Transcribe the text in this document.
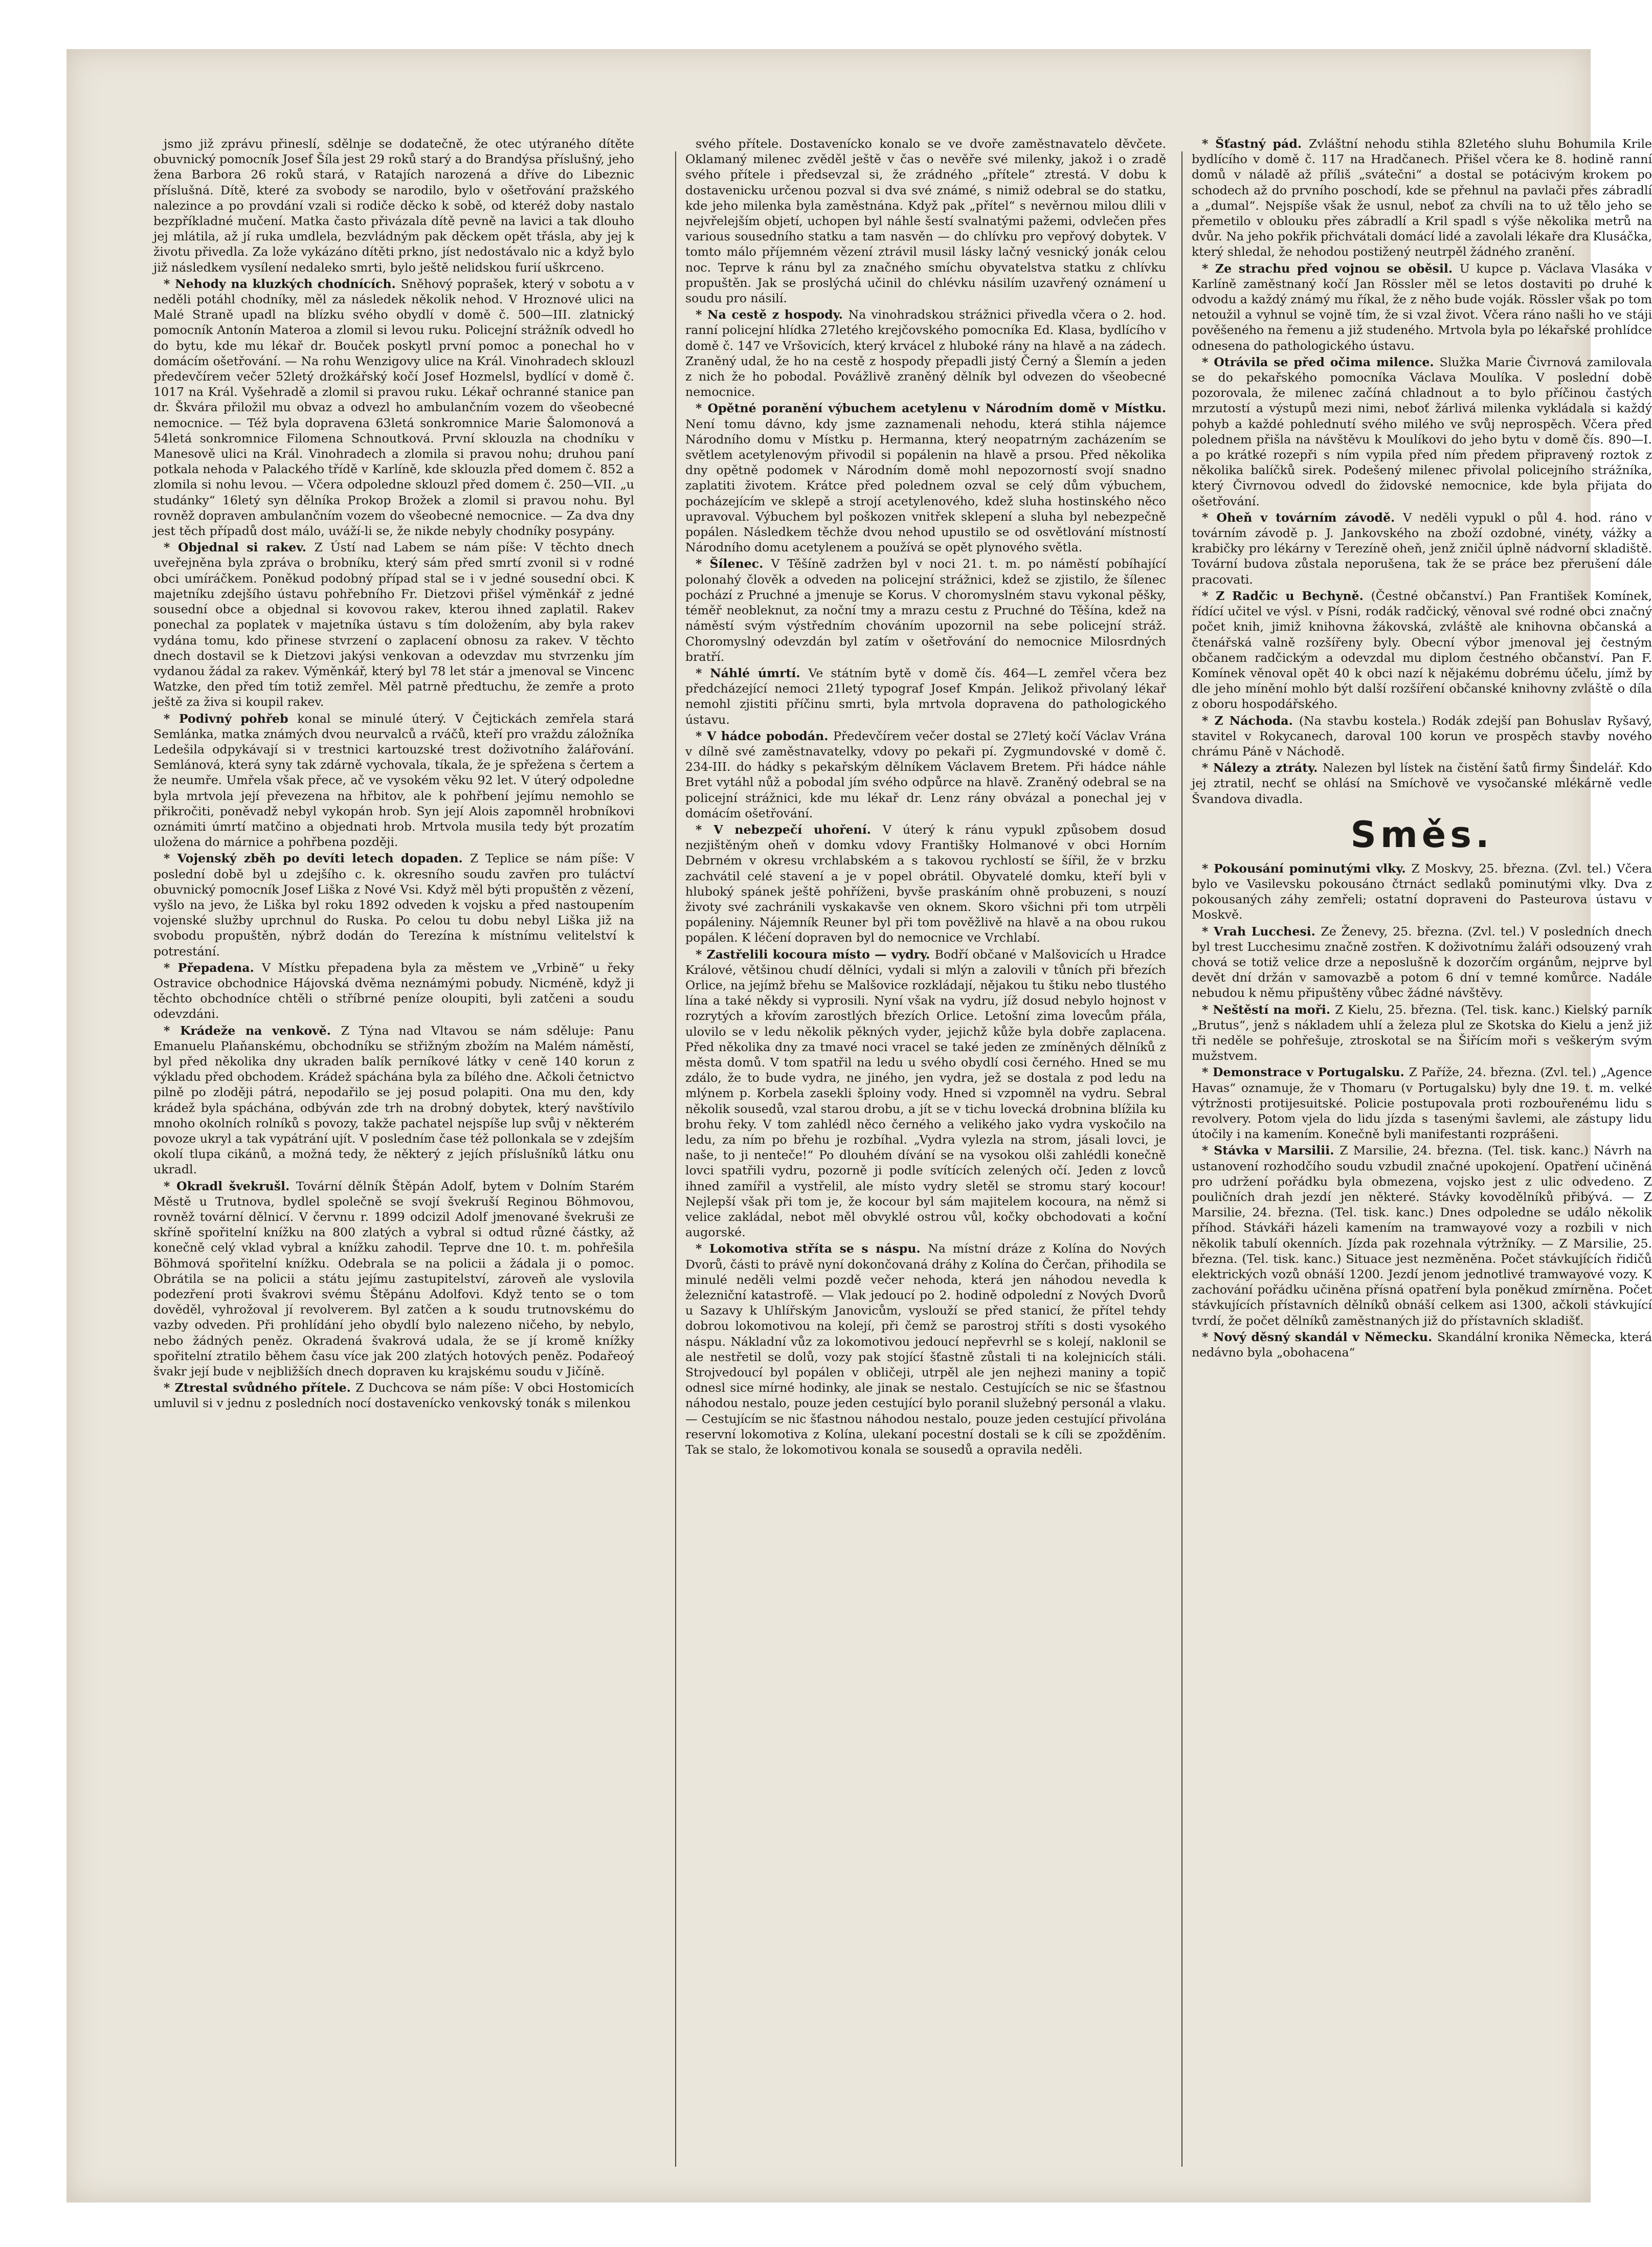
jsmo již zprávu přineslí, sdělnje se dodatečně, že otec utýraného dítěte obuvnický pomocník Josef Šíla jest 29 roků starý a do Brandýsa příslušný, jeho žena Barbora 26 roků stará, v Ratajích narozená a dříve do Libeznic příslušná. Dítě, které za svobody se narodilo, bylo v ošetřování pražského nalezince a po provdání vzali si rodiče děcko k sobě, od kteréž doby nastalo bezpříkladné mučení. Matka často přivázala dítě pevně na lavici a tak dlouho jej mlátila, až jí ruka umdlela, bezvládným pak děckem opět třásla, aby jej k životu přivedla. Za lože vykázáno dítěti prkno, jíst nedostávalo nic a když bylo již následkem vysílení nedaleko smrti, bylo ještě nelidskou furií uškrceno.

* Nehody na kluzkých chodnících. Sněhový poprašek, který v sobotu a v neděli potáhl chodníky, měl za následek několik nehod. V Hroznové ulici na Malé Straně upadl na blízku svého obydlí v domě č. 500—III. zlatnický pomocník Antonín Materoa a zlomil si levou ruku. Policejní strážník odvedl ho do bytu, kde mu lékař dr. Bouček poskytl první pomoc a ponechal ho v domácím ošetřování. — Na rohu Wenzigovy ulice na Král. Vinohradech sklouzl předevčírem večer 52letý drožkářský kočí Josef Hozmelsl, bydlící v domě č. 1017 na Král. Vyšehradě a zlomil si pravou ruku. Lékař ochranné stanice pan dr. Škvára přiložil mu obvaz a odvezl ho ambulančním vozem do všeobecné nemocnice. — Též byla dopravena 63letá sonkromnice Marie Šalomonová a 54letá sonkromnice Filomena Schnoutková. První sklouzla na chodníku v Manesově ulici na Král. Vinohradech a zlomila si pravou nohu; druhou paní potkala nehoda v Palackého třídě v Karlíně, kde sklouzla před domem č. 852 a zlomila si nohu levou. — Včera odpoledne sklouzl před domem č. 250—VII. „u studánky“ 16letý syn dělníka Prokop Brožek a zlomil si pravou nohu. Byl rovněž dopraven ambulančním vozem do všeobecné nemocnice. — Za dva dny jest těch případů dost málo, uváží-li se, že nikde nebyly chodníky posypány.

* Objednal si rakev. Z Ústí nad Labem se nám píše: V těchto dnech uveřejněna byla zpráva o brobníku, který sám před smrtí zvonil si v rodné obci umíráčkem. Poněkud podobný případ stal se i v jedné sousední obci. K majetníku zdejšího ústavu pohřebního Fr. Dietzovi přišel výměnkář z jedné sousední obce a objednal si kovovou rakev, kterou ihned zaplatil. Rakev ponechal za poplatek v majetníka ústavu s tím doložením, aby byla rakev vydána tomu, kdo přinese stvrzení o zaplacení obnosu za rakev. V těchto dnech dostavil se k Dietzovi jakýsi venkovan a odevzdav mu stvrzenku jím vydanou žádal za rakev. Výměnkář, který byl 78 let stár a jmenoval se Vincenc Watzke, den před tím totiž zemřel. Měl patrně předtuchu, že zemře a proto ještě za živa si koupil rakev.

* Podivný pohřeb konal se minulé úterý. V Čejtickách zemřela stará Semlánka, matka známých dvou neurvalců a rváčů, kteří pro vraždu záložníka Ledešila odpykávají si v trestnici kartouzské trest doživotního žalářování. Semlánová, která syny tak zdárně vychovala, tíkala, že je spřežena s čertem a že neumře. Umřela však přece, ač ve vysokém věku 92 let. V úterý odpoledne byla mrtvola její převezena na hřbitov, ale k pohřbení jejímu nemohlo se přikročiti, poněvadž nebyl vykopán hrob. Syn její Alois zapomněl hrobníkovi oznámiti úmrtí matčino a objednati hrob. Mrtvola musila tedy být prozatím uložena do márnice a pohřbena později.

* Vojenský zběh po devíti letech dopaden. Z Teplice se nám píše: V poslední době byl u zdejšího c. k. okresního soudu zavřen pro tuláctví obuvnický pomocník Josef Liška z Nové Vsi. Když měl býti propuštěn z vězení, vyšlo na jevo, že Liška byl roku 1892 odveden k vojsku a před nastoupením vojenské služby uprchnul do Ruska. Po celou tu dobu nebyl Liška již na svobodu propuštěn, nýbrž dodán do Terezína k místnímu velitelství k potrestání.

* Přepadena. V Místku přepadena byla za městem ve „Vrbině“ u řeky Ostravice obchodnice Hájovská dvěma neznámými pobudy. Nicméně, když ji těchto obchodníce chtěli o stříbrné peníze oloupiti, byli zatčeni a soudu odevzdáni.

* Krádeže na venkově. Z Týna nad Vltavou se nám sděluje: Panu Emanuelu Plaňanskému, obchodníku se střižným zbožím na Malém náměstí, byl před několika dny ukraden balík perníkové látky v ceně 140 korun z výkladu před obchodem. Krádež spáchána byla za bílého dne. Ačkoli četnictvo pilně po zloději pátrá, nepodařilo se jej posud polapiti. Ona mu den, kdy krádež byla spáchána, odbýván zde trh na drobný dobytek, který navštívilo mnoho okolních rolníků s povozy, takže pachatel nejspíše lup svůj v některém povoze ukryl a tak vypátrání ujít. V posledním čase též pollonkala se v zdejším okolí tlupa cikánů, a možná tedy, že některý z jejích příslušníků látku onu ukradl.

* Okradl švekrušl. Tovární dělník Štěpán Adolf, bytem v Dolním Starém Městě u Trutnova, bydlel společně se svojí švekruší Reginou Böhmovou, rovněž tovární dělnicí. V červnu r. 1899 odcizil Adolf jmenované švekruši ze skříně spořitelní knížku na 800 zlatých a vybral si odtud různé částky, až konečně celý vklad vybral a knížku zahodil. Teprve dne 10. t. m. pohřešila Böhmová spořitelní knížku. Odebrala se na policii a žádala ji o pomoc. Obrátila se na policii a státu jejímu zastupitelství, zároveň ale vyslovila podezření proti švakrovi svému Štěpánu Adolfovi. Když tento se o tom dověděl, vyhrožoval jí revolverem. Byl zatčen a k soudu trutnovskému do vazby odveden. Při prohlídání jeho obydlí bylo nalezeno ničeho, by nebylo, nebo žádných peněz. Okradená švakrová udala, že se jí kromě knížky spořitelní ztratilo během času více jak 200 zlatých hotových peněz. Podařeoý švakr její bude v nejbližších dnech dopraven ku krajskému soudu v Jičíně.

* Ztrestal svůdného přítele. Z Duchcova se nám píše: V obci Hostomicích umluvil si v jednu z posledních nocí dostavenícko venkovský tonák s milenkou

svého přítele. Dostavenícko konalo se ve dvoře zaměstnavatelo děvčete. Oklamaný milenec zvěděl ještě v čas o nevěře své milenky, jakož i o zradě svého přítele i předsevzal si, že zrádného „přítele“ ztrestá. V dobu k dostavenicku určenou pozval si dva své známé, s nimiž odebral se do statku, kde jeho milenka byla zaměstnána. Když pak „přítel“ s nevěrnou milou dlili v nejvřelejším objetí, uchopen byl náhle šestí svalnatými pažemi, odvlečen přes various sousedního statku a tam nasvěn — do chlívku pro vepřový dobytek. V tomto málo příjemném vězení ztrávil musil lásky lačný vesnický jonák celou noc. Teprve k ránu byl za značného smíchu obyvatelstva statku z chlívku propuštěn. Jak se proslýchá učinil do chlévku násilím uzavřený oznámení u soudu pro násilí.

* Na cestě z hospody. Na vinohradskou strážnici přivedla včera o 2. hod. ranní policejní hlídka 27letého krejčovského pomocníka Ed. Klasa, bydlícího v domě č. 147 ve Vršovicích, který krvácel z hluboké rány na hlavě a na zádech. Zraněný udal, že ho na cestě z hospody přepadli jistý Černý a Šlemín a jeden z nich že ho pobodal. Povážlivě zraněný dělník byl odvezen do všeobecné nemocnice.

* Opětné poranění výbuchem acetylenu v Národním domě v Místku. Není tomu dávno, kdy jsme zaznamenali nehodu, která stihla nájemce Národního domu v Místku p. Hermanna, který neopatrným zacházením se světlem acetylenovým přivodil si popálenin na hlavě a prsou. Před několika dny opětně podomek v Národním domě mohl nepozorností svojí snadno zaplatiti životem. Krátce před polednem ozval se celý dům výbuchem, pocházejícím ve sklepě a strojí acetylenového, kdež sluha hostinského něco upravoval. Výbuchem byl poškozen vnitřek sklepení a sluha byl nebezpečně popálen. Následkem těchže dvou nehod upustilo se od osvětlování místností Národního domu acetylenem a používá se opět plynového světla.

* Šílenec. V Těšíně zadržen byl v noci 21. t. m. po náměstí pobíhající polonahý člověk a odveden na policejní strážnici, kdež se zjistilo, že šílenec pochází z Pruchné a jmenuje se Korus. V choromyslném stavu vykonal pěšky, téměř neobleknut, za noční tmy a mrazu cestu z Pruchné do Těšína, kdež na náměstí svým výstředním chováním upozornil na sebe policejní stráž. Choromyslný odevzdán byl zatím v ošetřování do nemocnice Milosrdných bratří.

* Náhlé úmrtí. Ve státním bytě v domě čís. 464—L zemřel včera bez předcházející nemoci 21letý typograf Josef Kmpán. Jelikož přivolaný lékař nemohl zjistiti příčinu smrti, byla mrtvola dopravena do pathologického ústavu.

* V hádce pobodán. Předevčírem večer dostal se 27letý kočí Václav Vrána v dílně své zaměstnavatelky, vdovy po pekaři pí. Zygmundovské v domě č. 234-III. do hádky s pekařským dělníkem Václavem Bretem. Při hádce náhle Bret vytáhl nůž a pobodal jím svého odpůrce na hlavě. Zraněný odebral se na policejní strážnici, kde mu lékař dr. Lenz rány obvázal a ponechal jej v domácím ošetřování.

* V nebezpečí uhoření. V úterý k ránu vypukl způsobem dosud nezjištěným oheň v domku vdovy Františky Holmanové v obci Horním Debrném v okresu vrchlabském a s takovou rychlostí se šířil, že v brzku zachvátil celé stavení a je v popel obrátil. Obyvatelé domku, kteří byli v hluboký spánek ještě pohříženi, byvše praskáním ohně probuzeni, s nouzí životy své zachránili vyskakavše ven oknem. Skoro všichni při tom utrpěli popáleniny. Nájemník Reuner byl při tom pověžlivě na hlavě a na obou rukou popálen. K léčení dopraven byl do nemocnice ve Vrchlabí.

* Zastřelili kocoura místo — vydry. Bodří občané v Malšovicích u Hradce Králové, většinou chudí dělníci, vydali si mlýn a zalovili v tůních při březích Orlice, na jejímž břehu se Malšovice rozkládají, nějakou tu štiku nebo tlustého lína a také někdy si vyprosili. Nyní však na vydru, jíž dosud nebylo hojnost v rozrytých a křovím zarostlých březích Orlice. Letošní zima lovecům přála, ulovilo se v ledu několik pěkných vyder, jejichž kůže byla dobře zaplacena. Před několika dny za tmavé noci vracel se také jeden ze zmíněných dělníků z města domů. V tom spatřil na ledu u svého obydlí cosi černého. Hned se mu zdálo, že to bude vydra, ne jiného, jen vydra, jež se dostala z pod ledu na mlýnem p. Korbela zasekli šploiny vody. Hned si vzpomněl na vydru. Sebral několik sousedů, vzal starou drobu, a jít se v tichu lovecká drobnina blížila ku brohu řeky. V tom zahlédl něco černého a velikého jako vydra vyskočilo na ledu, za ním po břehu je rozbíhal. „Vydra vylezla na strom, jásali lovci, je naše, to ji nenteče!“ Po dlouhém dívání se na vysokou olši zahlédli konečně lovci spatřili vydru, pozorně ji podle svítících zelených očí. Jeden z lovců ihned zamířil a vystřelil, ale místo vydry sletěl se stromu starý kocour! Nejlepší však při tom je, že kocour byl sám majitelem kocoura, na němž si velice zakládal, nebot měl obvyklé ostrou vůl, kočky obchodovati a koční augorské.

* Lokomotiva stříta se s náspu. Na místní dráze z Kolína do Nových Dvorů, části to právě nyní dokončovaná dráhy z Kolína do Čerčan, přihodila se minulé neděli velmi pozdě večer nehoda, která jen náhodou nevedla k železniční katastrofě. — Vlak jedoucí po 2. hodině odpolední z Nových Dvorů u Sazavy k Uhlířským Janovicům, vyslouží se před stanicí, že přítel tehdy dobrou lokomotivou na kolejí, při čemž se parostroj stříti s dosti vysokého náspu. Nákladní vůz za lokomotivou jedoucí nepřevrhl se s kolejí, naklonil se ale nestřetil se dolů, vozy pak stojící šťastně zůstali ti na kolejnicích stáli. Strojvedoucí byl popálen v obličeji, utrpěl ale jen nejhezi maniny a topič odnesl sice mírné hodinky, ale jinak se nestalo. Cestujících se nic se šťastnou náhodou nestalo, pouze jeden cestující bylo poranil služebný personál a vlaku. — Cestujícím se nic šťastnou náhodou nestalo, pouze jeden cestující přivolána reservní lokomotiva z Kolína, ulekaní pocestní dostali se k cíli se zpožděním. Tak se stalo, že lokomotivou konala se sousedů a opravila neděli.

* Šťastný pád. Zvláštní nehodu stihla 82letého sluhu Bohumila Krile bydlícího v domě č. 117 na Hradčanech. Přišel včera ke 8. hodině ranní domů v náladě až příliš „svátečni“ a dostal se potácivým krokem po schodech až do prvního poschodí, kde se přehnul na pavlači přes zábradlí a „dumal“. Nejspíše však že usnul, neboť za chvíli na to už tělo jeho se přemetilo v oblouku přes zábradlí a Kril spadl s výše několika metrů na dvůr. Na jeho pokřik přichvátali domácí lidé a zavolali lékaře dra Klusáčka, který shledal, že nehodou postižený neutrpěl žádného zranění.

* Ze strachu před vojnou se oběsil. U kupce p. Václava Vlasáka v Karlíně zaměstnaný kočí Jan Rössler měl se letos dostaviti po druhé k odvodu a každý známý mu říkal, že z něho bude voják. Rössler však po tom netoužil a vyhnul se vojně tím, že si vzal život. Včera ráno našli ho ve stáji pověšeného na řemenu a již studeného. Mrtvola byla po lékařské prohlídce odnesena do pathologického ústavu.

* Otrávila se před očima milence. Služka Marie Čivrnová zamilovala se do pekařského pomocníka Václava Moulíka. V poslední době pozorovala, že milenec začíná chladnout a to bylo příčinou častých mrzutostí a výstupů mezi nimi, neboť žárlivá milenka vykládala si každý pohyb a každé pohlednutí svého milého ve svůj neprospěch. Včera před polednem přišla na návštěvu k Moulíkovi do jeho bytu v domě čís. 890—I. a po krátké rozepři s ním vypila před ním předem připravený roztok z několika balíčků sirek. Podešený milenec přivolal policejního strážníka, který Čivrnovou odvedl do židovské nemocnice, kde byla přijata do ošetřování.

* Oheň v továrním závodě. V neděli vypukl o půl 4. hod. ráno v továrním závodě p. J. Jankovského na zboží ozdobné, vinéty, vážky a krabičky pro lékárny v Terezíně oheň, jenž zničil úplně nádvorní skladiště. Tovární budova zůstala neporušena, tak že se práce bez přerušení dále pracovati.

* Z Radčic u Bechyně. (Čestné občanství.) Pan František Komínek, řídící učitel ve výsl. v Písni, rodák radčický, věnoval své rodné obci značný počet knih, jimiž knihovna žákovská, zvláště ale knihovna občanská a čtenářská valně rozšířeny byly. Obecní výbor jmenoval jej čestným občanem radčickým a odevzdal mu diplom čestného občanství. Pan F. Komínek věnoval opět 40 k obci nazí k nějakému dobrému účelu, jímž by dle jeho mínění mohlo být další rozšíření občanské knihovny zvláště o díla z oboru hospodářského.

* Z Náchoda. (Na stavbu kostela.) Rodák zdejší pan Bohuslav Ryšavý, stavitel v Rokycanech, daroval 100 korun ve prospěch stavby nového chrámu Páně v Náchodě.

* Nálezy a ztráty. Nalezen byl lístek na čistění šatů firmy Šindelář. Kdo jej ztratil, nechť se ohlásí na Smíchově ve vysočanské mlékárně vedle Švandova divadla.

Směs.

* Pokousání pominutými vlky. Z Moskvy, 25. března. (Zvl. tel.) Včera bylo ve Vasilevsku pokousáno čtrnáct sedlaků pominutými vlky. Dva z pokousaných záhy zemřeli; ostatní dopraveni do Pasteurova ústavu v Moskvě.

* Vrah Lucchesi. Ze Ženevy, 25. března. (Zvl. tel.) V posledních dnech byl trest Lucchesimu značně zostřen. K doživotnímu žaláři odsouzený vrah chová se totiž velice drze a neposlušně k dozorčím orgánům, nejprve byl devět dní držán v samovazbě a potom 6 dní v temné komůrce. Nadále nebudou k němu připuštěny vůbec žádné návštěvy.

* Neštěstí na moři. Z Kielu, 25. března. (Tel. tisk. kanc.) Kielský parník „Brutus“, jenž s nákladem uhlí a železa plul ze Skotska do Kielu a jenž již tři neděle se pohřešuje, ztroskotal se na Šiřícím moři s veškerým svým mužstvem.

* Demonstrace v Portugalsku. Z Paříže, 24. března. (Zvl. tel.) „Agence Havas“ oznamuje, že v Thomaru (v Portugalsku) byly dne 19. t. m. velké výtržnosti protijesuitské. Policie postupovala proti rozbouřenému lidu s revolvery. Potom vjela do lidu jízda s tasenými šavlemi, ale zástupy lidu útočily i na kamením. Konečně byli manifestanti rozprášeni.

* Stávka v Marsilii. Z Marsilie, 24. března. (Tel. tisk. kanc.) Návrh na ustanovení rozhodčího soudu vzbudil značné upokojení. Opatření učiněná pro udržení pořádku byla obmezena, vojsko jest z ulic odvedeno. Z pouličních drah jezdí jen některé. Stávky kovodělníků přibývá. — Z Marsilie, 24. března. (Tel. tisk. kanc.) Dnes odpoledne se událo několik příhod. Stávkáři házeli kamením na tramwayové vozy a rozbili v nich několik tabulí okenních. Jízda pak rozehnala výtržníky. — Z Marsilie, 25. března. (Tel. tisk. kanc.) Situace jest nezměněna. Počet stávkujících řidičů elektrických vozů obnáší 1200. Jezdí jenom jednotlivé tramwayové vozy. K zachování pořádku učiněna přísná opatření byla poněkud zmírněna. Počet stávkujících přístavních dělníků obnáší celkem asi 1300, ačkoli stávkující tvrdí, že počet dělníků zaměstnaných již do přístavních skladišť.

* Nový děsný skandál v Německu. Skandální kronika Německa, která nedávno byla „obohacena“
